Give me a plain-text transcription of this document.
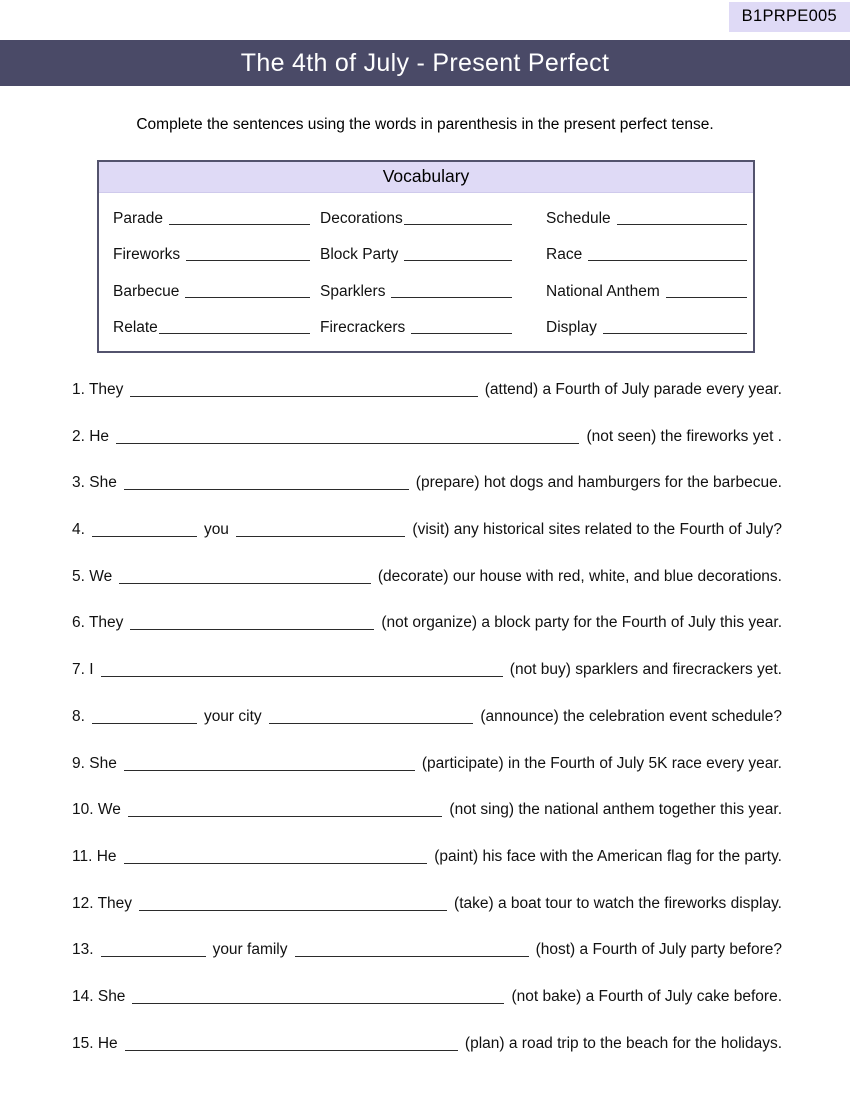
B1PRPE005
The 4th of July - Present Perfect

Complete the sentences using the words in parenthesis in the present perfect tense.

Vocabulary
Parade	Decorations	Schedule
Fireworks	Block Party	Race
Barbecue	Sparklers	National Anthem
Relate	Firecrackers	Display
1. They	(attend) a Fourth of July parade every year.
2. He	(not seen) the fireworks yet .
3. She	(prepare) hot dogs and hamburgers for the barbecue.
4.	you	(visit) any historical sites related to the Fourth of July?
5. We	(decorate) our house with red, white, and blue decorations.
6. They	(not organize) a block party for the Fourth of July this year.
7. I	(not buy) sparklers and firecrackers yet.
8.	your city	(announce) the celebration event schedule?
9. She	(participate) in the Fourth of July 5K race every year.
10. We	(not sing) the national anthem together this year.
11. He	(paint) his face with the American flag for the party.
12. They	(take) a boat tour to watch the fireworks display.
13.	your family	(host) a Fourth of July party before?
14. She	(not bake) a Fourth of July cake before.
15. He	(plan) a road trip to the beach for the holidays.
